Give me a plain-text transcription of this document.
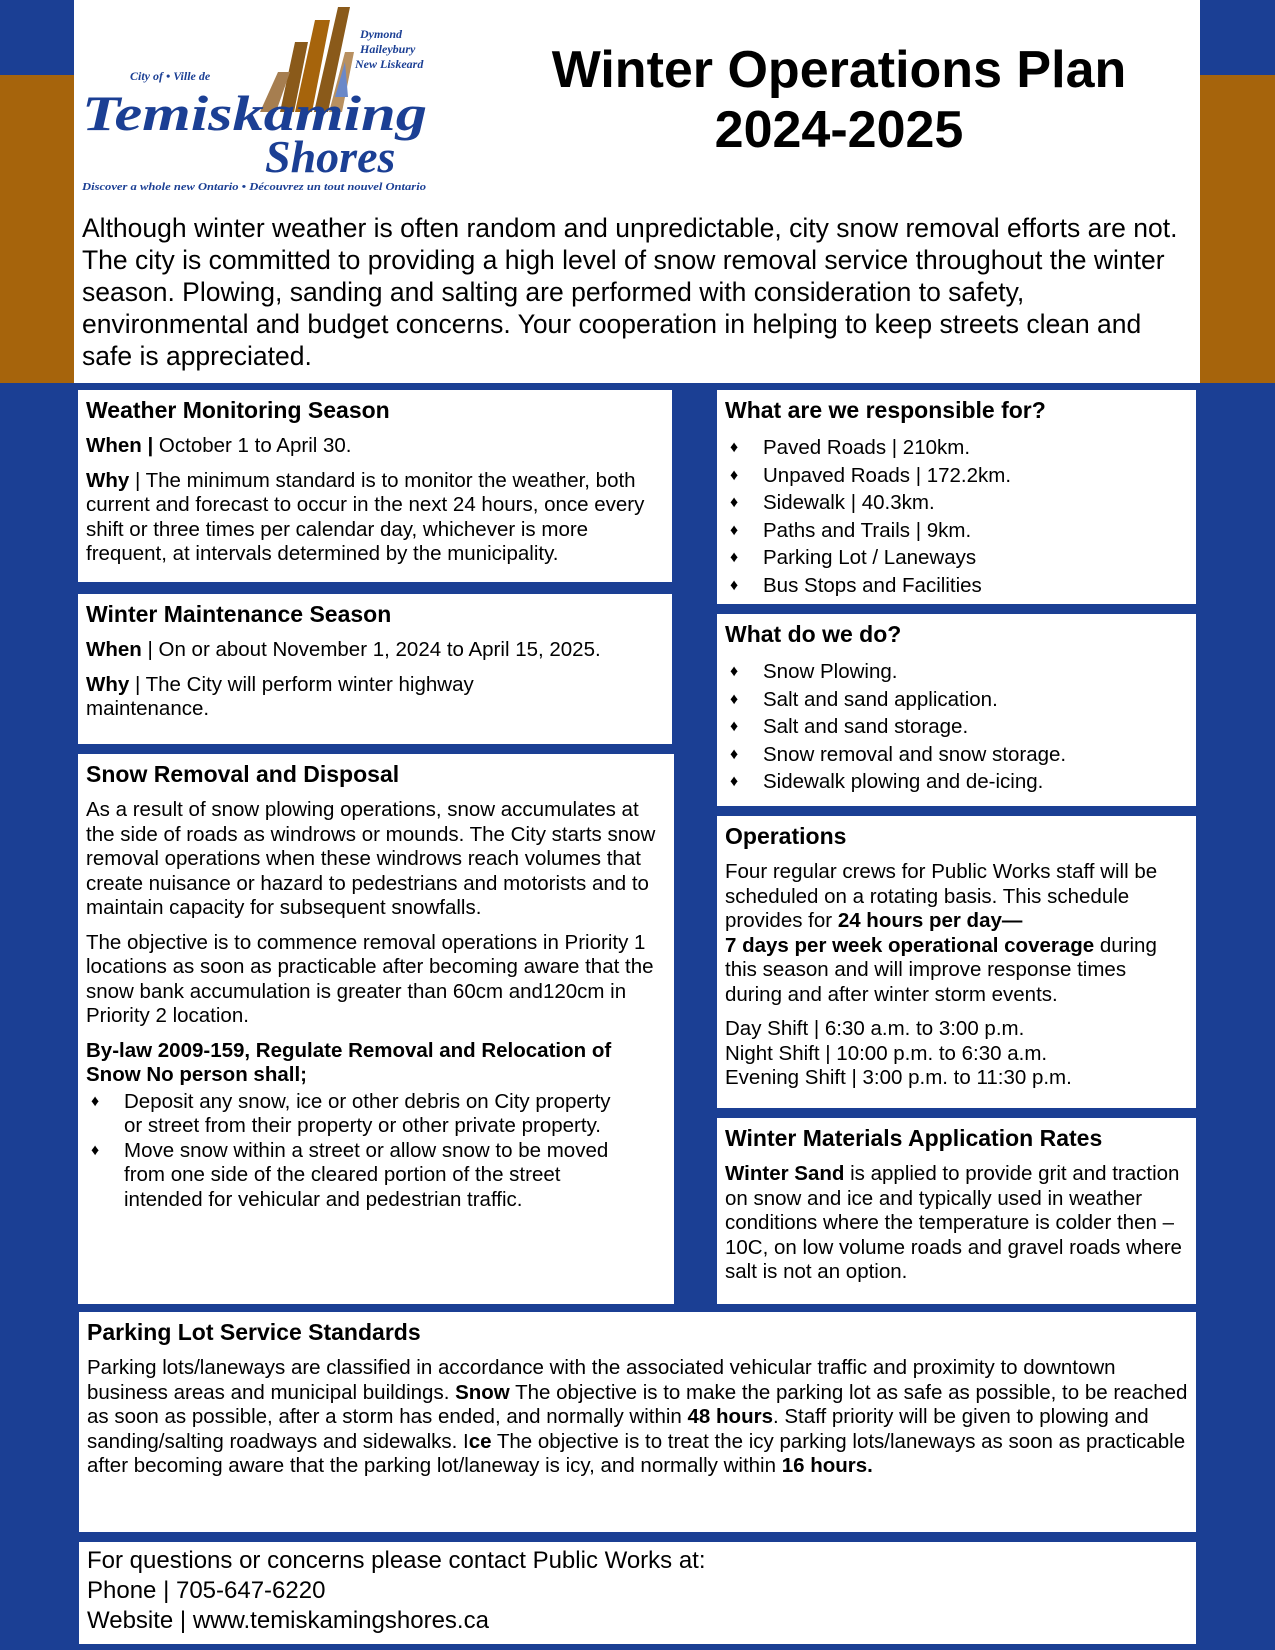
Dymond
Haileybury
New Liskeard
City of • Ville de
Temiskaming
Shores
Discover a whole new Ontario • Découvrez un tout nouvel Ontario
Winter Operations Plan
2024-2025
Although winter weather is often random and unpredictable, city snow removal efforts are not. The city is committed to providing a high level of snow removal service throughout the winter season. Plowing, sanding and salting are performed with consideration to safety, environmental and budget concerns. Your cooperation in helping to keep streets clean and safe is appreciated.
Weather Monitoring Season

When | October 1 to April 30.

Why | The minimum standard is to monitor the weather, both current and forecast to occur in the next 24 hours, once every shift or three times per calendar day, whichever is more frequent, at intervals determined by the municipality.

Winter Maintenance Season

When | On or about November 1, 2024 to April 15, 2025.

Why | The City will perform winter highway maintenance.

Snow Removal and Disposal

As a result of snow plowing operations, snow accumulates at the side of roads as windrows or mounds. The City starts snow removal operations when these windrows reach volumes that create nuisance or hazard to pedestrians and motorists and to maintain capacity for subsequent snowfalls.

The objective is to commence removal operations in Priority 1 locations as soon as practicable after becoming aware that the snow bank accumulation is greater than 60cm and120cm in Priority 2 location.

By-law 2009-159, Regulate Removal and Relocation of Snow No person shall;

♦ Deposit any snow, ice or other debris on City property or street from their property or other private property.
♦ Move snow within a street or allow snow to be moved from one side of the cleared portion of the street intended for vehicular and pedestrian traffic.
What are we responsible for?
♦ Paved Roads | 210km.
♦ Unpaved Roads | 172.2km.
♦ Sidewalk | 40.3km.
♦ Paths and Trails | 9km.
♦ Parking Lot / Laneways
♦ Bus Stops and Facilities
What do we do?
♦ Snow Plowing.
♦ Salt and sand application.
♦ Salt and sand storage.
♦ Snow removal and snow storage.
♦ Sidewalk plowing and de-icing.
Operations

Four regular crews for Public Works staff will be scheduled on a rotating basis. This schedule provides for 24 hours per day—
7 days per week operational coverage during this season and will improve response times during and after winter storm events.

Day Shift | 6:30 a.m. to 3:00 p.m.
Night Shift | 10:00 p.m. to 6:30 a.m.
Evening Shift | 3:00 p.m. to 11:30 p.m.
Winter Materials Application Rates

Winter Sand is applied to provide grit and traction on snow and ice and typically used in weather conditions where the temperature is colder then –10C, on low volume roads and gravel roads where salt is not an option.

Parking Lot Service Standards

Parking lots/laneways are classified in accordance with the associated vehicular traffic and proximity to downtown business areas and municipal buildings. Snow The objective is to make the parking lot as safe as possible, to be reached as soon as possible, after a storm has ended, and normally within 48 hours. Staff priority will be given to plowing and sanding/salting roadways and sidewalks. Ice The objective is to treat the icy parking lots/laneways as soon as practicable after becoming aware that the parking lot/laneway is icy, and normally within 16 hours.

For questions or concerns please contact Public Works at:
Phone | 705-647-6220
Website | www.temiskamingshores.ca
